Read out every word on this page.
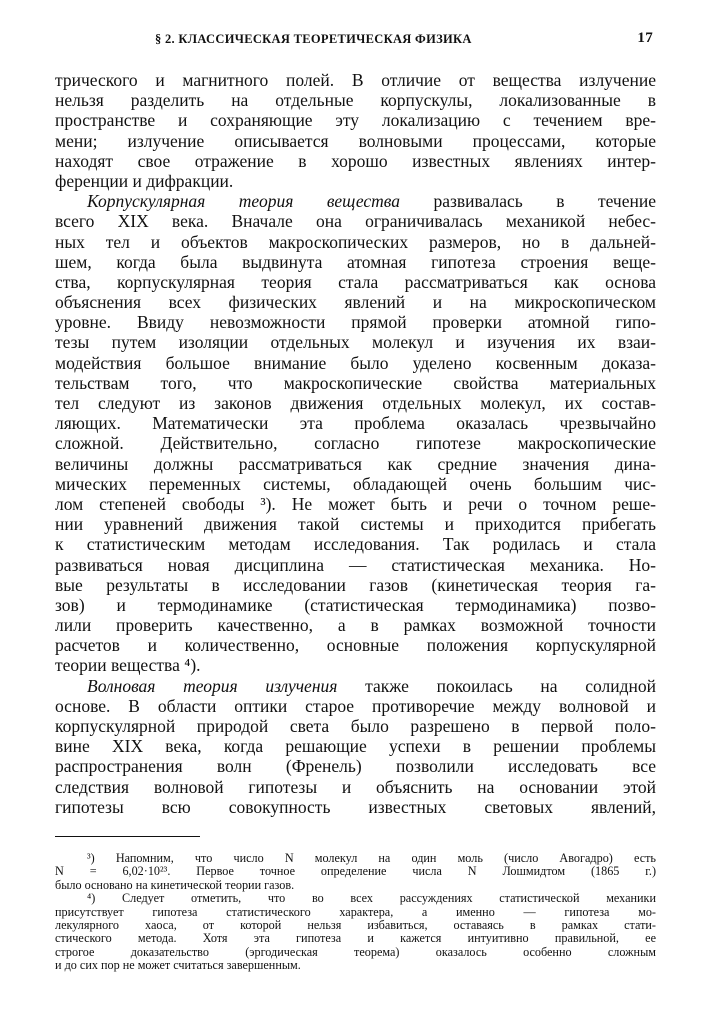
§ 2. КЛАССИЧЕСКАЯ ТЕОРЕТИЧЕСКАЯ ФИЗИКА	17
трического и магнитного полей. В отличие от вещества излучение
нельзя разделить на отдельные корпускулы, локализованные в
пространстве и сохраняющие эту локализацию с течением вре-
мени; излучение описывается волновыми процессами, которые
находят свое отражение в хорошо известных явлениях интер-
ференции и дифракции.
Корпускулярная теория вещества развивалась в течение
всего XIX века. Вначале она ограничивалась механикой небес-
ных тел и объектов макроскопических размеров, но в дальней-
шем, когда была выдвинута атомная гипотеза строения веще-
ства, корпускулярная теория стала рассматриваться как основа
объяснения всех физических явлений и на микроскопическом
уровне. Ввиду невозможности прямой проверки атомной гипо-
тезы путем изоляции отдельных молекул и изучения их взаи-
модействия большое внимание было уделено косвенным доказа-
тельствам того, что макроскопические свойства материальных
тел следуют из законов движения отдельных молекул, их состав-
ляющих. Математически эта проблема оказалась чрезвычайно
сложной. Действительно, согласно гипотезе макроскопические
величины должны рассматриваться как средние значения дина-
мических переменных системы, обладающей очень большим чис-
лом степеней свободы ³). Не может быть и речи о точном реше-
нии уравнений движения такой системы и приходится прибегать
к статистическим методам исследования. Так родилась и стала
развиваться новая дисциплина — статистическая механика. Но-
вые результаты в исследовании газов (кинетическая теория га-
зов) и термодинамике (статистическая термодинамика) позво-
лили проверить качественно, а в рамках возможной точности
расчетов и количественно, основные положения корпускулярной
теории вещества ⁴).
Волновая теория излучения также покоилась на солидной
основе. В области оптики старое противоречие между волновой и
корпускулярной природой света было разрешено в первой поло-
вине XIX века, когда решающие успехи в решении проблемы
распространения волн (Френель) позволили исследовать все
следствия волновой гипотезы и объяснить на основании этой
гипотезы всю совокупность известных световых явлений,
³) Напомним, что число N молекул на один моль (число Авогадро) есть
N = 6,02·10²³. Первое точное определение числа N Лошмидтом (1865 г.)
было основано на кинетической теории газов.
⁴) Следует отметить, что во всех рассуждениях статистической механики
присутствует гипотеза статистического характера, а именно — гипотеза мо-
лекулярного хаоса, от которой нельзя избавиться, оставаясь в рамках стати-
стического метода. Хотя эта гипотеза и кажется интуитивно правильной, ее
строгое доказательство (эргодическая теорема) оказалось особенно сложным
и до сих пор не может считаться завершенным.
